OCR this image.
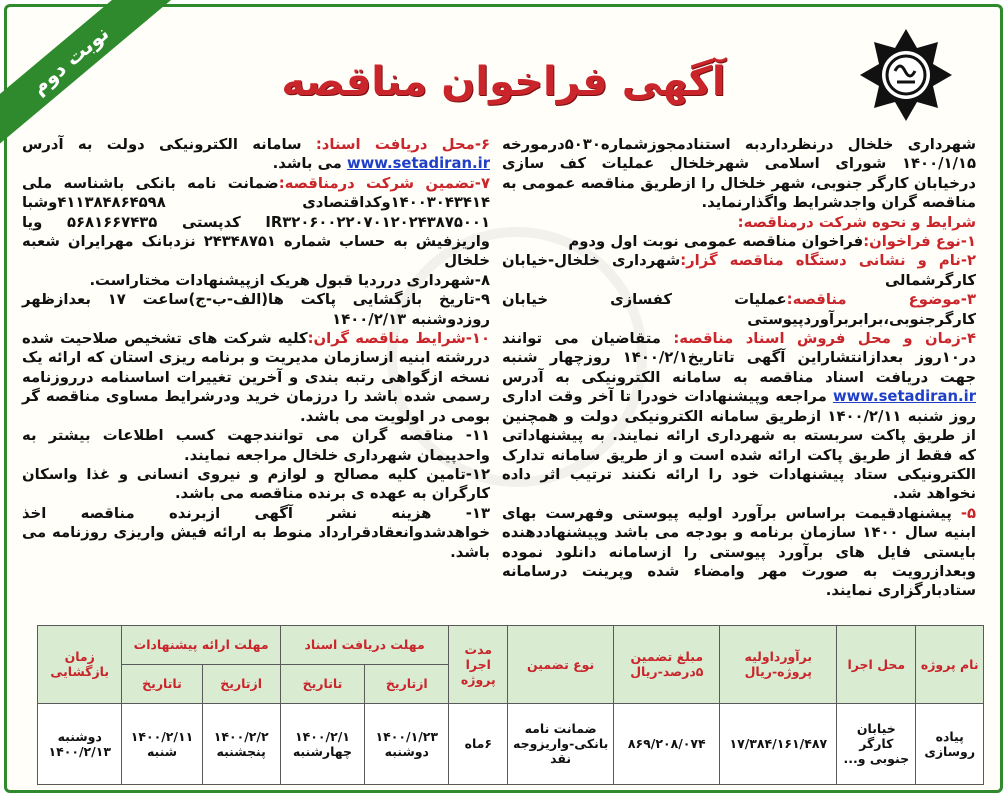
نوبت دوم	آگهی فراخوان مناقصه
شهرداری خلخال درنظرداردبه استنادمجوزشماره۵۰۳۰درمورخه ۱۴۰۰/۱/۱۵ شورای اسلامی شهرخلخال عملیات کف سازی درخیابان کارگر جنوبی، شهر خلخال را ازطریق مناقصه عمومی به مناقصه گران واجدشرایط واگذارنماید.
شرایط و نحوه شرکت درمناقصه:
۱-نوع فراخوان:فراخوان مناقصه عمومی نوبت اول ودوم
۲-نام و نشانی دستگاه مناقصه گزار:شهرداری خلخال-خیابان کارگرشمالی
۳-موضوع مناقصه:عملیات کفسازی خیابان کارگرجنوبی،برابربرآوردپیوستی
۴-زمان و محل فروش اسناد مناقصه: متقاضیان می توانند در۱۰روز بعدازانتشاراین آگهی تاتاریخ۱۴۰۰/۲/۱ روزچهار شنبه جهت دریافت اسناد مناقصه به سامانه الکترونیکی به آدرس www.setadiran.ir مراجعه وپیشنهادات خودرا تا آخر وقت اداری روز شنبه ۱۴۰۰/۲/۱۱ ازطریق سامانه الکترونیکی دولت و همچنین از طریق پاکت سربسته به شهرداری ارائه نمایند. به پیشنهاداتی که فقط از طریق پاکت ارائه شده است و از طریق سامانه تدارک الکترونیکی ستاد پیشنهادات خود را ارائه نکنند ترتیب اثر داده نخواهد شد.
۵- پیشنهادقیمت براساس برآورد اولیه پیوستی وفهرست بهای ابنیه سال ۱۴۰۰ سازمان برنامه و بودجه می باشد وپیشنهاددهنده بایستی فایل های برآورد پیوستی را ازسامانه دانلود نموده وبعدازرویت به صورت مهر وامضاء شده وپرینت درسامانه ستادبارگزاری نمایند.
۶-محل دریافت اسناد: سامانه الکترونیکی دولت به آدرس www.setadiran.ir می باشد.
۷-تضمین شرکت درمناقصه:ضمانت نامه بانکی باشناسه ملی ۱۴۰۰۳۰۴۳۴۱۴وکداقتصادی ۴۱۱۳۸۴۸۶۴۵۹۸وشبا IR۳۲۰۶۰۰۲۲۰۷۰۱۲۰۲۴۳۸۷۵۰۰۱ کدپستی ۵۶۸۱۶۶۷۴۳۵ ویا واریزفیش به حساب شماره ۲۴۳۴۸۷۵۱ نزدبانک مهرایران شعبه خلخال
۸-شهرداری درردیا قبول هریک ازپیشنهادات مختاراست.
۹-تاریخ بازگشایی پاکت ها(الف-ب-ج)ساعت ۱۷ بعدازظهر روزدوشنبه ۱۴۰۰/۲/۱۳
۱۰-شرایط مناقصه گران:کلیه شرکت های تشخیص صلاحیت شده دررشته ابنیه ازسازمان مدیریت و برنامه ریزی استان که ارائه یک نسخه ازگواهی رتبه بندی و آخرین تغییرات اساسنامه درروزنامه رسمی شده باشد را درزمان خرید ودرشرایط مساوی مناقصه گر بومی در اولویت می باشد.
۱۱- مناقصه گران می توانندجهت کسب اطلاعات بیشتر به واحدپیمان شهرداری خلخال مراجعه نمایند.
۱۲-تامین کلیه مصالح و لوازم و نیروی انسانی و غذا واسکان کارگران به عهده ی برنده مناقصه می باشد.
۱۳- هزینه نشر آگهی ازبرنده مناقصه اخذ خواهدشدوانعقادقرارداد منوط به ارائه فیش واریزی روزنامه می باشد.
نام پروژه	محل اجرا	برآورداولیه پروژه-ریال	مبلغ تضمین ۵درصد-ریال	نوع تضمین	مدت اجرا پروژه	مهلت دریافت اسناد		مهلت ارائه پیشنهادات		زمان بازگشایی
						ازتاریخ	تاتاریخ	ازتاریخ	تاتاریخ	
پیاده روسازی	خیابان کارگر جنوبی و...	۱۷/۳۸۴/۱۶۱/۴۸۷	۸۶۹/۲۰۸/۰۷۴	ضمانت نامه بانکی-واریزوجه نقد	۶ماه	۱۴۰۰/۱/۲۳ دوشنبه	۱۴۰۰/۲/۱ چهارشنبه	۱۴۰۰/۲/۲ پنجشنبه	۱۴۰۰/۲/۱۱ شنبه	دوشنبه ۱۴۰۰/۲/۱۳
